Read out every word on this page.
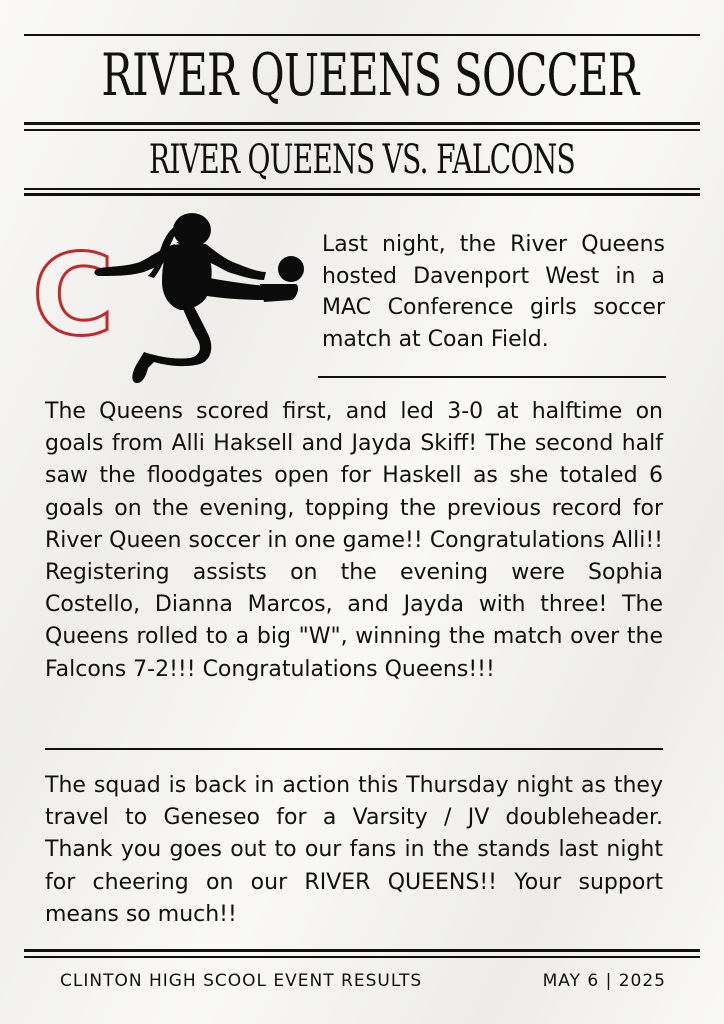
RIVER QUEENS SOCCER
RIVER QUEENS VS. FALCONS
C	Last night, the River Queens hosted Davenport West in a MAC Conference girls soccer match at Coan Field.

The Queens scored first, and led 3-0 at halftime on goals from Alli Haksell and Jayda Skiff! The second half saw the floodgates open for Haskell as she totaled 6 goals on the evening, topping the previous record for River Queen soccer in one game!! Congratulations Alli!! Registering assists on the evening were Sophia Costello, Dianna Marcos, and Jayda with three! The Queens rolled to a big "W", winning the match over the Falcons 7-2!!! Congratulations Queens!!!

The squad is back in action this Thursday night as they travel to Geneseo for a Varsity / JV doubleheader. Thank you goes out to our fans in the stands last night for cheering on our RIVER QUEENS!! Your support means so much!!

CLINTON HIGH SCOOL EVENT RESULTS	MAY 6 | 2025
